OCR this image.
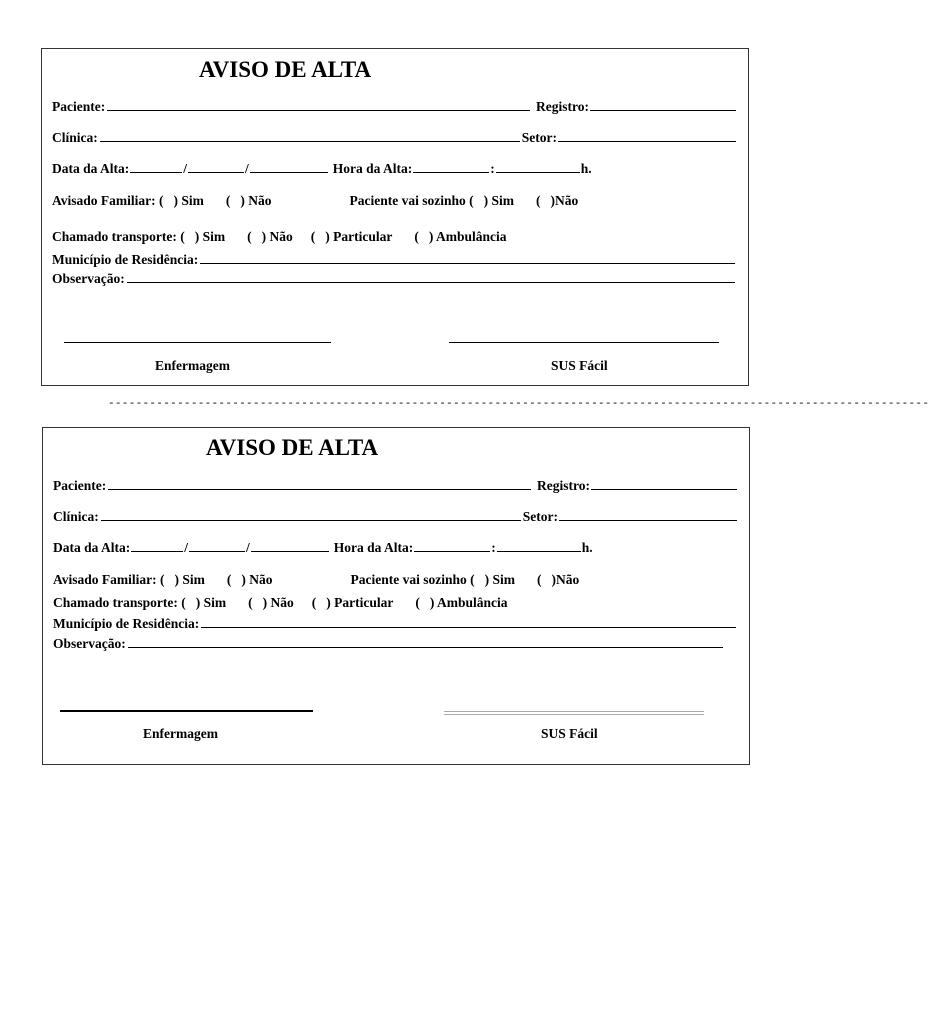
AVISO DE ALTA
Paciente:	Registro:
Clínica:	Setor:
Data da Alta:	/	/	Hora da Alta:	:	h.
Avisado Familiar: ( ) Sim ( ) Não	Paciente vai sozinho ( ) Sim ( )Não
Chamado transporte: ( ) Sim ( ) Não ( ) Particular ( ) Ambulância
Município de Residência:
Observação:
Enfermagem	SUS Fácil
-----------------------------------------------------------------------------------------------------------------------
AVISO DE ALTA
Paciente:	Registro:
Clínica:	Setor:
Data da Alta:	/	/	Hora da Alta:	:	h.
Avisado Familiar: ( ) Sim ( ) Não	Paciente vai sozinho ( ) Sim ( )Não
Chamado transporte: ( ) Sim ( ) Não ( ) Particular ( ) Ambulância
Município de Residência:
Observação:
Enfermagem	SUS Fácil
